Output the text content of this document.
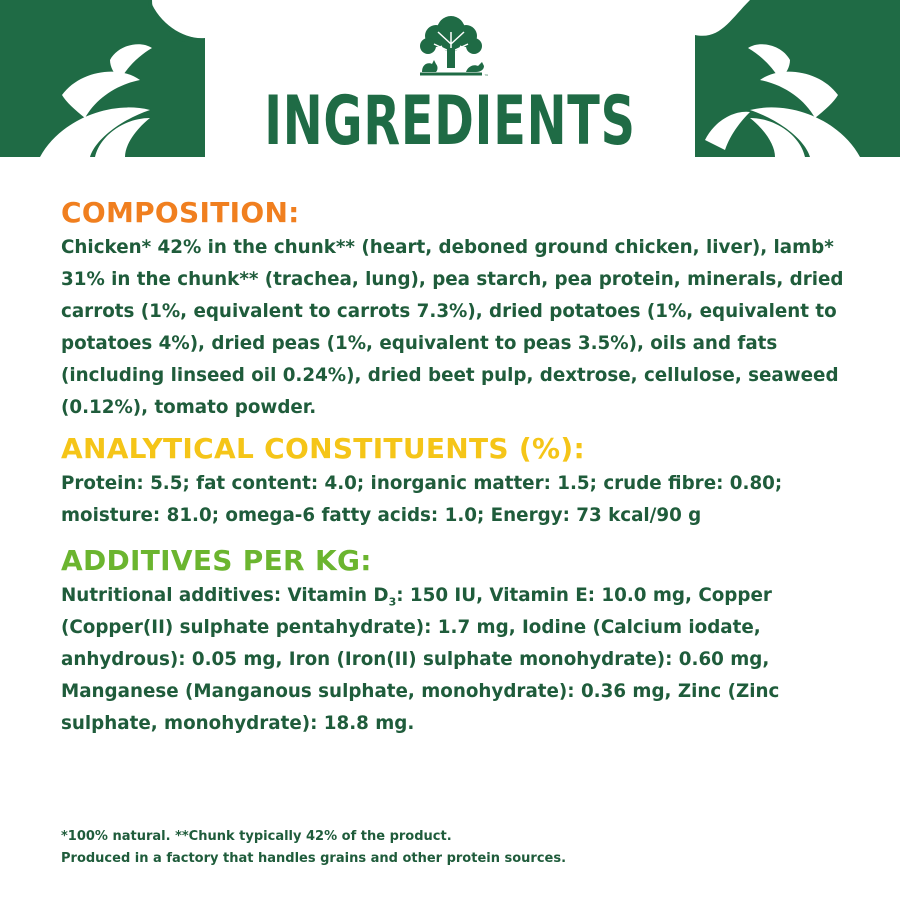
™
INGREDIENTS
COMPOSITION:

Chicken* 42% in the chunk** (heart, deboned ground chicken, liver), lamb* 31% in the chunk** (trachea, lung), pea starch, pea protein, minerals, dried carrots (1%, equivalent to carrots 7.3%), dried potatoes (1%, equivalent to potatoes 4%), dried peas (1%, equivalent to peas 3.5%), oils and fats (including linseed oil 0.24%), dried beet pulp, dextrose, cellulose, seaweed (0.12%), tomato powder.

ANALYTICAL CONSTITUENTS (%):

Protein: 5.5; fat content: 4.0; inorganic matter: 1.5; crude fibre: 0.80; moisture: 81.0; omega-6 fatty acids: 1.0; Energy: 73 kcal/90 g

ADDITIVES PER KG:

Nutritional additives: Vitamin $D_3$: 150 IU, Vitamin E: 10.0 mg, Copper (Copper(II) sulphate pentahydrate): 1.7 mg, Iodine (Calcium iodate, anhydrous): 0.05 mg, Iron (Iron(II) sulphate monohydrate): 0.60 mg, Manganese (Manganous sulphate, monohydrate): 0.36 mg, Zinc (Zinc sulphate, monohydrate): 18.8 mg.

*100% natural. **Chunk typically 42% of the product.
Produced in a factory that handles grains and other protein sources.
